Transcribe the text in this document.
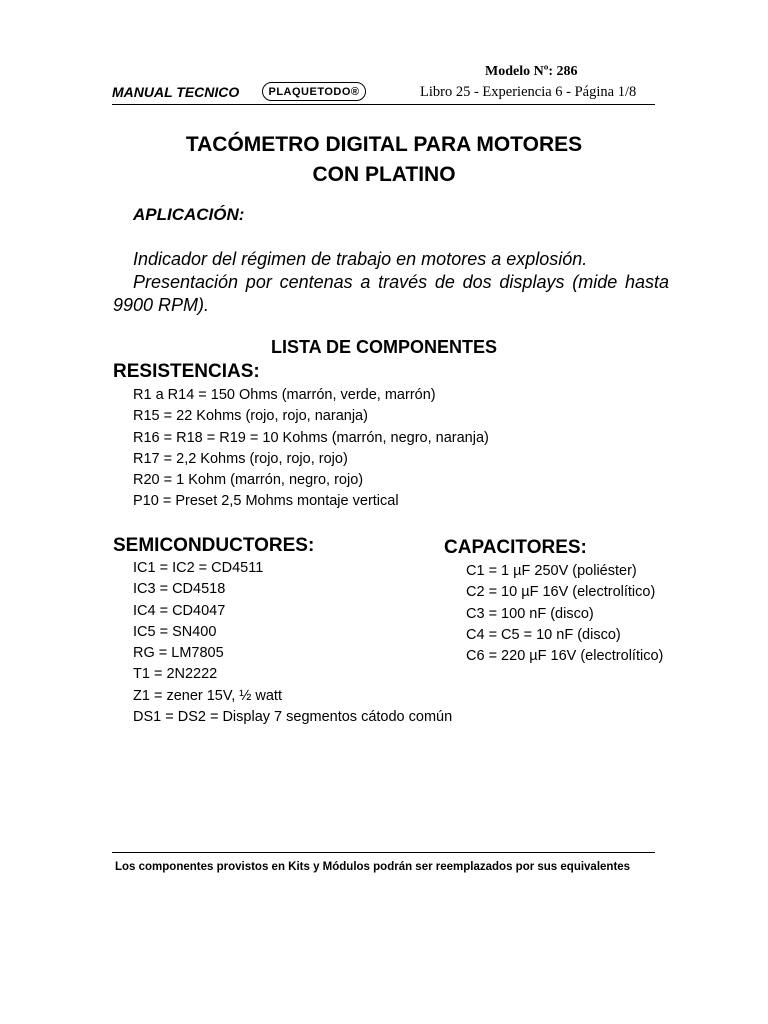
Modelo Nº: 286
MANUAL TECNICO	PLAQUETODO®	Libro 25 - Experiencia 6 - Página 1/8
TACÓMETRO DIGITAL PARA MOTORES
CON PLATINO
APLICACIÓN:
Indicador del régimen de trabajo en motores a explosión.
Presentación por centenas a través de dos displays (mide hasta 9900 RPM).
LISTA DE COMPONENTES
RESISTENCIAS:
R1 a R14 = 150 Ohms (marrón, verde, marrón)
R15 = 22 Kohms (rojo, rojo, naranja)
R16 = R18 = R19 = 10 Kohms (marrón, negro, naranja)
R17 = 2,2 Kohms (rojo, rojo, rojo)
R20 = 1 Kohm (marrón, negro, rojo)
P10 = Preset 2,5 Mohms montaje vertical
SEMICONDUCTORES:
IC1 = IC2 = CD4511
IC3 = CD4518
IC4 = CD4047
IC5 = SN400
RG = LM7805
T1 = 2N2222
Z1 = zener 15V, ½ watt
DS1 = DS2 = Display 7 segmentos cátodo común
CAPACITORES:
C1 = 1 µF 250V (poliéster)
C2 = 10 µF 16V (electrolítico)
C3 = 100 nF (disco)
C4 = C5 = 10 nF (disco)
C6 = 220 µF 16V (electrolítico)
Los componentes provistos en Kits y Módulos podrán ser reemplazados por sus equivalentes
